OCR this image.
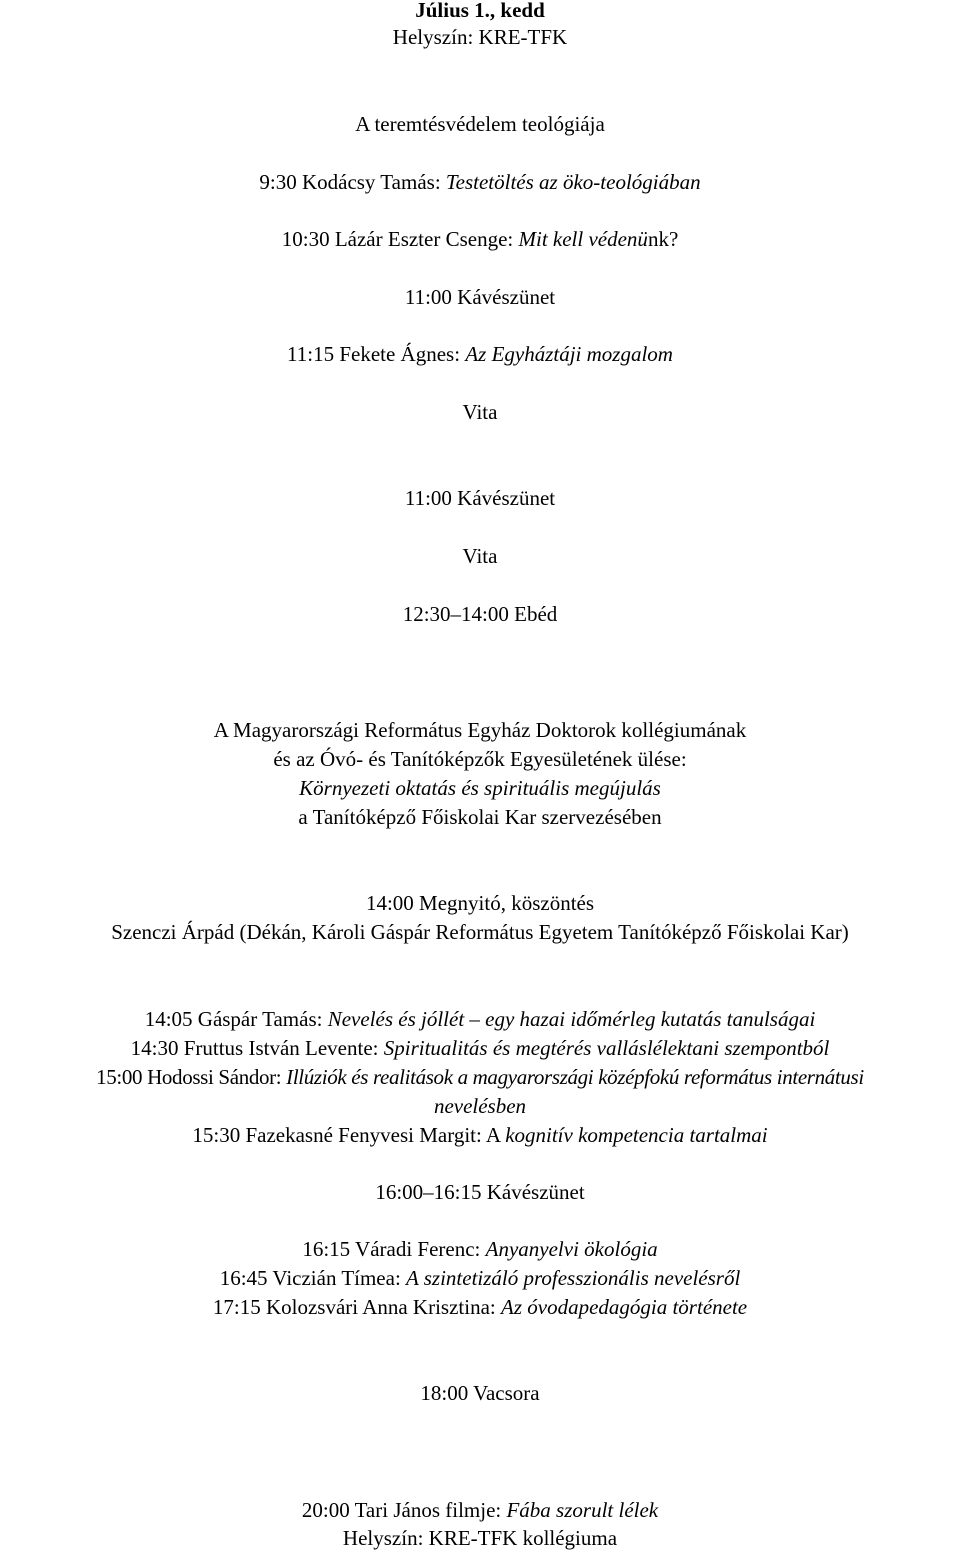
Július 1., kedd
Helyszín: KRE-TFK
A teremtésvédelem teológiája
9:30 Kodácsy Tamás: Testetöltés az öko-teológiában
10:30 Lázár Eszter Csenge: Mit kell védenünk?
11:00 Kávészünet
11:15 Fekete Ágnes: Az Egyháztáji mozgalom
Vita
11:00 Kávészünet
Vita
12:30–14:00 Ebéd
A Magyarországi Református Egyház Doktorok kollégiumának
és az Óvó- és Tanítóképzők Egyesületének ülése:
Környezeti oktatás és spirituális megújulás
a Tanítóképző Főiskolai Kar szervezésében
14:00 Megnyitó, köszöntés
Szenczi Árpád (Dékán, Károli Gáspár Református Egyetem Tanítóképző Főiskolai Kar)
14:05 Gáspár Tamás: Nevelés és jóllét – egy hazai időmérleg kutatás tanulságai
14:30 Fruttus István Levente: Spiritualitás és megtérés valláslélektani szempontból
15:00 Hodossi Sándor: Illúziók és realitások a magyarországi középfokú református internátusi
nevelésben
15:30 Fazekasné Fenyvesi Margit: A kognitív kompetencia tartalmai
16:00–16:15 Kávészünet
16:15 Váradi Ferenc: Anyanyelvi ökológia
16:45 Viczián Tímea: A szintetizáló professzionális nevelésről
17:15 Kolozsvári Anna Krisztina: Az óvodapedagógia története
18:00 Vacsora
20:00 Tari János filmje: Fába szorult lélek
Helyszín: KRE-TFK kollégiuma
